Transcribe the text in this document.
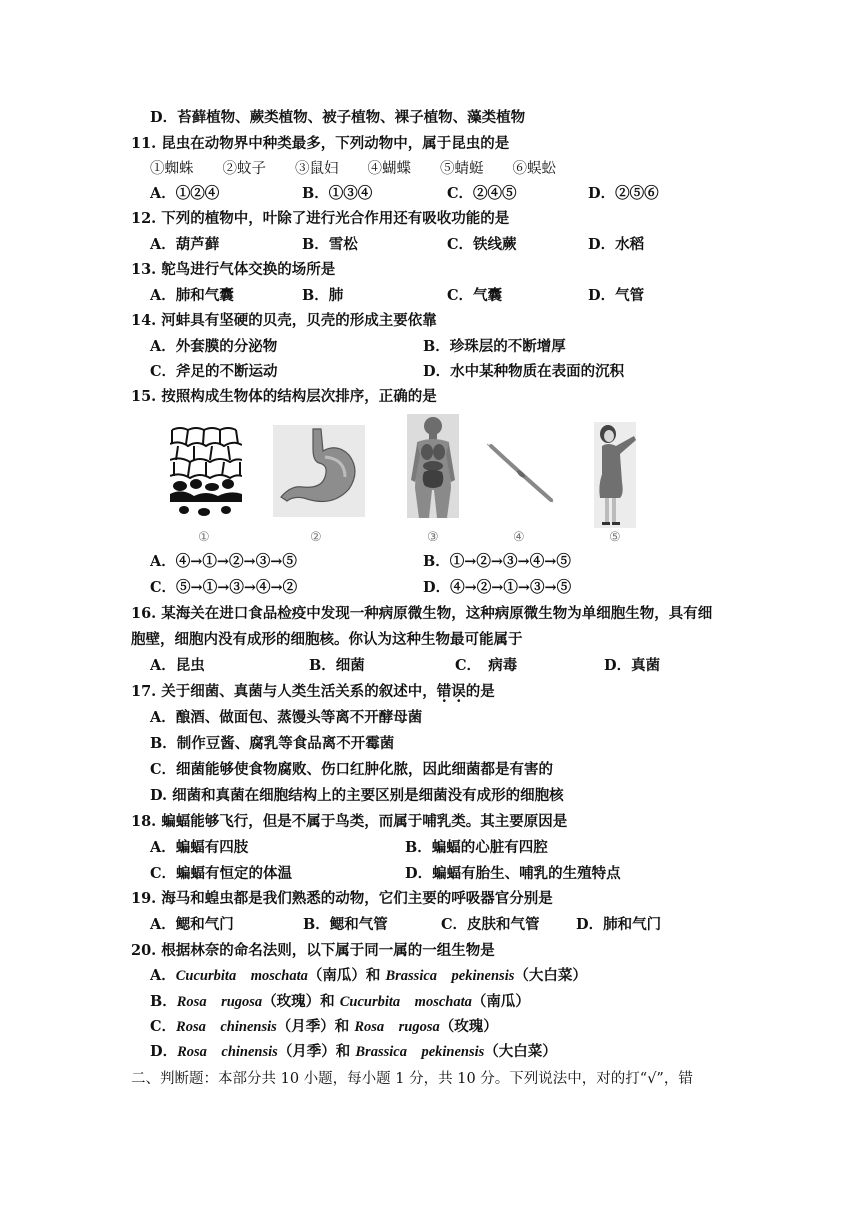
D．苔藓植物、蕨类植物、被子植物、裸子植物、藻类植物
11. 昆虫在动物界中种类最多，下列动物中，属于昆虫的是
①蜘蛛　　②蚊子　　③鼠妇　　④蝴蝶　　⑤蜻蜓　　⑥蜈蚣
A．①②④	B．①③④	C．②④⑤	D．②⑤⑥
12. 下列的植物中，叶除了进行光合作用还有吸收功能的是
A．葫芦藓	B．雪松	C．铁线蕨	D．水稻
13. 鸵鸟进行气体交换的场所是
A．肺和气囊	B．肺	C．气囊	D．气管
14. 河蚌具有坚硬的贝壳，贝壳的形成主要依靠
A．外套膜的分泌物	B．珍珠层的不断增厚
C．斧足的不断运动	D．水中某种物质在表面的沉积
15. 按照构成生物体的结构层次排序，正确的是
①	②	③	④	⑤
A．④→①→②→③→⑤	B．①→②→③→④→⑤
C．⑤→①→③→④→②	D．④→②→①→③→⑤
16. 某海关在进口食品检疫中发现一种病原微生物，这种病原微生物为单细胞生物，具有细
胞壁，细胞内没有成形的细胞核。你认为这种生物最可能属于
A．昆虫	B．细菌	C．　病毒	D．真菌
17. 关于细菌、真菌与人类生活关系的叙述中，错误的是
A．酿酒、做面包、蒸馒头等离不开酵母菌
B．制作豆酱、腐乳等食品离不开霉菌
C．细菌能够使食物腐败、伤口红肿化脓，因此细菌都是有害的
D. 细菌和真菌在细胞结构上的主要区别是细菌没有成形的细胞核
18. 蝙蝠能够飞行，但是不属于鸟类，而属于哺乳类。其主要原因是
A．蝙蝠有四肢	B．蝙蝠的心脏有四腔
C．蝙蝠有恒定的体温	D．蝙蝠有胎生、哺乳的生殖特点
19. 海马和蝗虫都是我们熟悉的动物，它们主要的呼吸器官分别是
A．鳃和气门	B．鳃和气管	C．皮肤和气管	D．肺和气门
20. 根据林奈的命名法则，以下属于同一属的一组生物是
A．Cucurbita　moschata（南瓜）和 Brassica　pekinensis（大白菜）
B．Rosa　rugosa（玫瑰）和 Cucurbita　moschata（南瓜）
C．Rosa　chinensis（月季）和 Rosa　rugosa（玫瑰）
D．Rosa　chinensis（月季）和 Brassica　pekinensis（大白菜）
二、判断题：本部分共 10 小题，每小题 1 分，共 10 分。下列说法中，对的打“√”，错
